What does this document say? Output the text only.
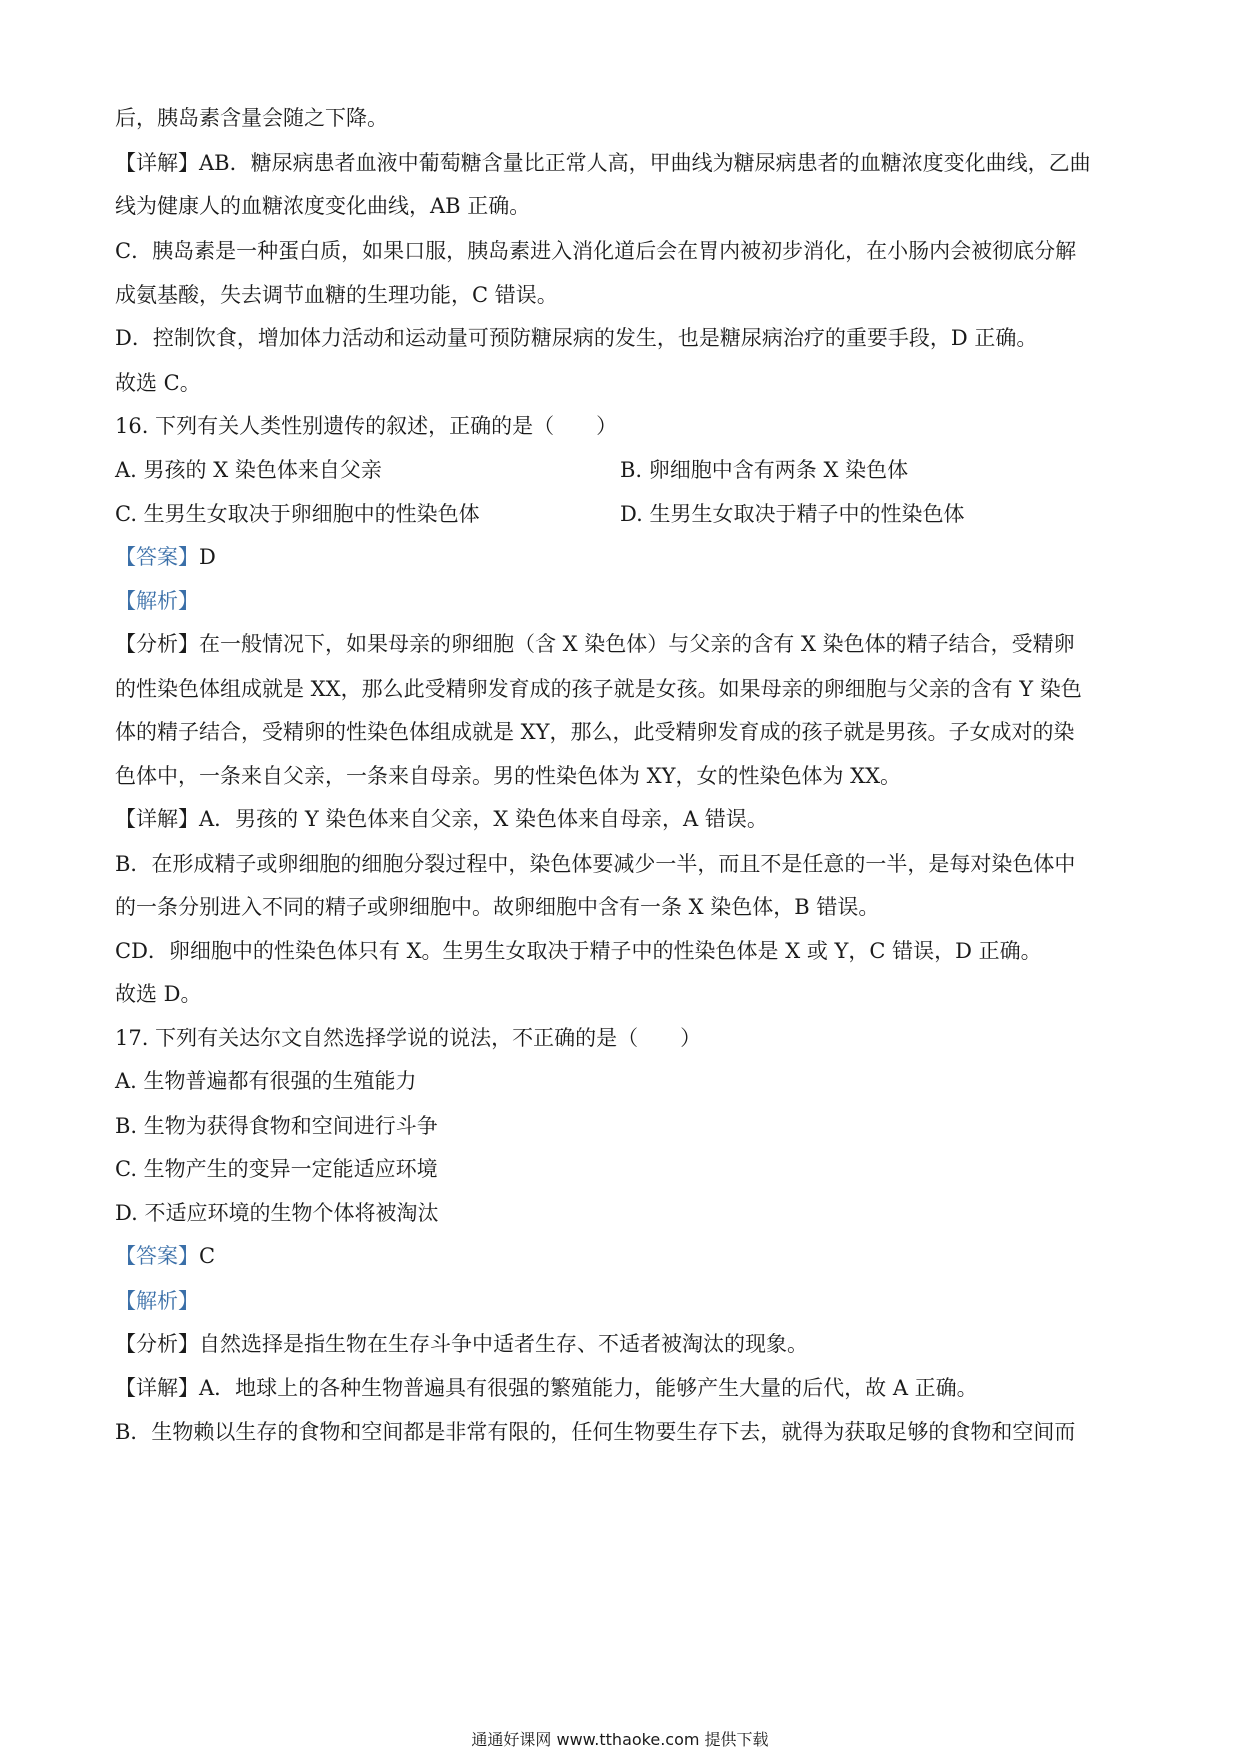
后，胰岛素含量会随之下降。
【详解】AB．糖尿病患者血液中葡萄糖含量比正常人高，甲曲线为糖尿病患者的血糖浓度变化曲线，乙曲
线为健康人的血糖浓度变化曲线，AB 正确。
C．胰岛素是一种蛋白质，如果口服，胰岛素进入消化道后会在胃内被初步消化，在小肠内会被彻底分解
成氨基酸，失去调节血糖的生理功能，C 错误。
D．控制饮食，增加体力活动和运动量可预防糖尿病的发生，也是糖尿病治疗的重要手段，D 正确。
故选 C。
16. 下列有关人类性别遗传的叙述，正确的是（　　）
A. 男孩的 X 染色体来自父亲	B. 卵细胞中含有两条 X 染色体
C. 生男生女取决于卵细胞中的性染色体	D. 生男生女取决于精子中的性染色体
【答案】D
【解析】
【分析】在一般情况下，如果母亲的卵细胞（含 X 染色体）与父亲的含有 X 染色体的精子结合，受精卵
的性染色体组成就是 XX，那么此受精卵发育成的孩子就是女孩。如果母亲的卵细胞与父亲的含有 Y 染色
体的精子结合，受精卵的性染色体组成就是 XY，那么，此受精卵发育成的孩子就是男孩。子女成对的染
色体中，一条来自父亲，一条来自母亲。男的性染色体为 XY，女的性染色体为 XX。
【详解】A．男孩的 Y 染色体来自父亲，X 染色体来自母亲，A 错误。
B．在形成精子或卵细胞的细胞分裂过程中，染色体要减少一半，而且不是任意的一半，是每对染色体中
的一条分别进入不同的精子或卵细胞中。故卵细胞中含有一条 X 染色体，B 错误。
CD．卵细胞中的性染色体只有 X。生男生女取决于精子中的性染色体是 X 或 Y，C 错误，D 正确。
故选 D。
17. 下列有关达尔文自然选择学说的说法，不正确的是（　　）
A. 生物普遍都有很强的生殖能力
B. 生物为获得食物和空间进行斗争
C. 生物产生的变异一定能适应环境
D. 不适应环境的生物个体将被淘汰
【答案】C
【解析】
【分析】自然选择是指生物在生存斗争中适者生存、不适者被淘汰的现象。
【详解】A．地球上的各种生物普遍具有很强的繁殖能力，能够产生大量的后代，故 A 正确。
B．生物赖以生存的食物和空间都是非常有限的，任何生物要生存下去，就得为获取足够的食物和空间而
通通好课网 www.tthaoke.com 提供下载
